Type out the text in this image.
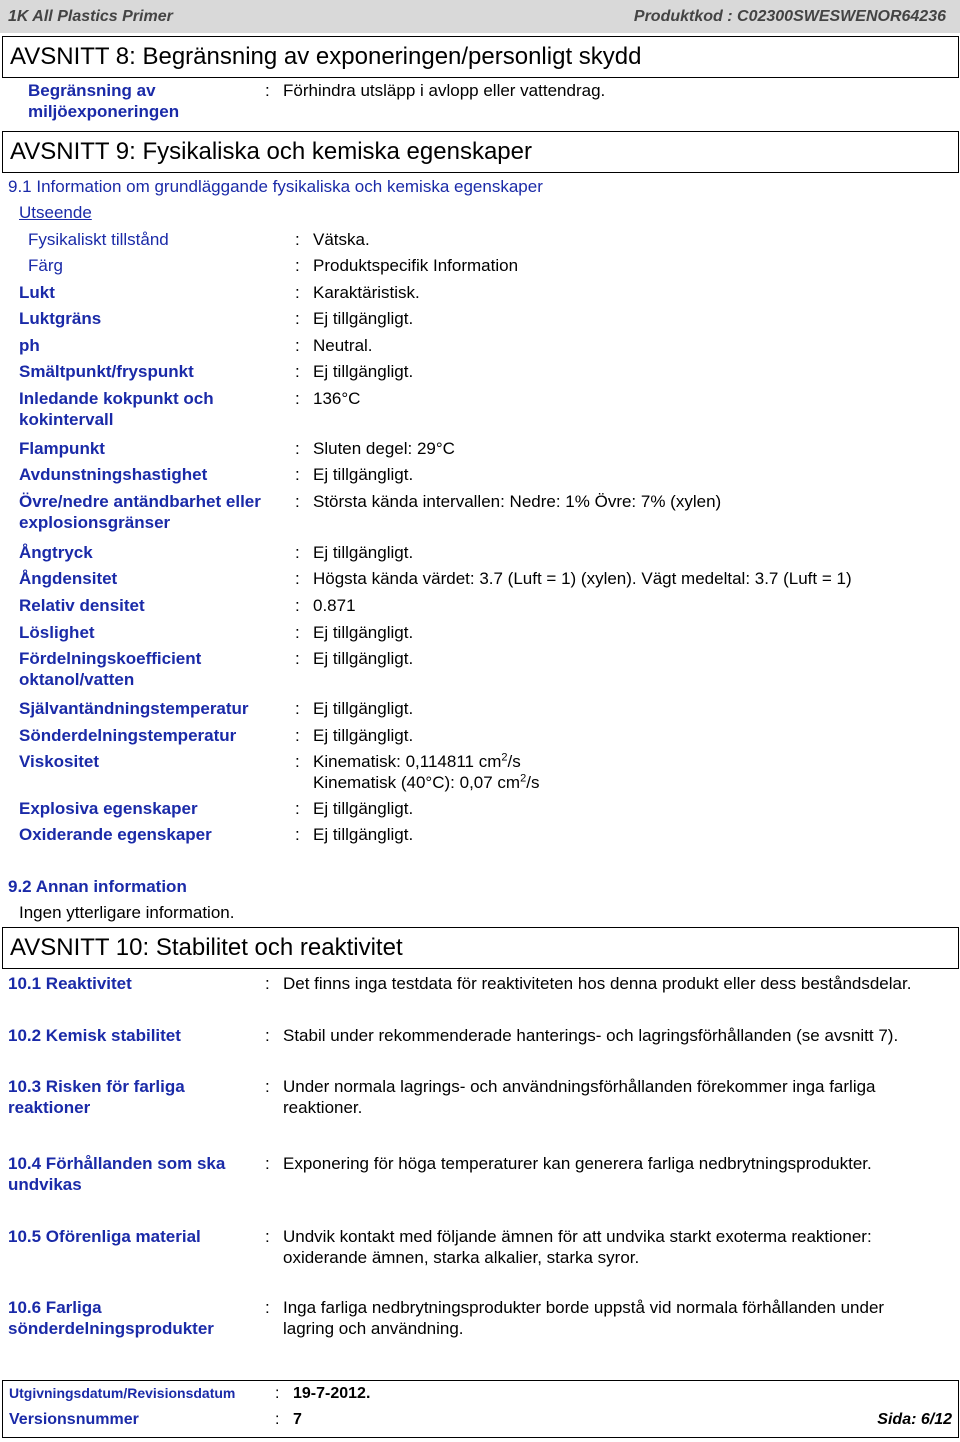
1K All Plastics Primer	Produktkod : C02300SWESWENOR64236
AVSNITT 8: Begränsning av exponeringen/personligt skydd
Begränsning av
miljöexponeringen
: Förhindra utsläpp i avlopp eller vattendrag.
AVSNITT 9: Fysikaliska och kemiska egenskaper
9.1 Information om grundläggande fysikaliska och kemiska egenskaper
Utseende
Fysikaliskt tillstånd	: Vätska.
Färg	: Produktspecifik Information
Lukt	: Karaktäristisk.
Luktgräns	: Ej tillgängligt.
ph	: Neutral.
Smältpunkt/fryspunkt	: Ej tillgängligt.
Inledande kokpunkt och
kokintervall
: 136°C
Flampunkt	: Sluten degel: 29°C
Avdunstningshastighet	: Ej tillgängligt.
Övre/nedre antändbarhet eller
explosionsgränser
: Största kända intervallen: Nedre: 1% Övre: 7% (xylen)
Ångtryck	: Ej tillgängligt.
Ångdensitet	: Högsta kända värdet: 3.7 (Luft = 1) (xylen). Vägt medeltal: 3.7 (Luft = 1)
Relativ densitet	: 0.871
Löslighet	: Ej tillgängligt.
Fördelningskoefficient
oktanol/vatten
: Ej tillgängligt.
Självantändningstemperatur	: Ej tillgängligt.
Sönderdelningstemperatur	: Ej tillgängligt.
Viskositet	: Kinematisk: 0,114811 $cm^2/s$
Kinematisk (40°C): 0,07 $cm^2/s$
Explosiva egenskaper	: Ej tillgängligt.
Oxiderande egenskaper	: Ej tillgängligt.
9.2 Annan information
Ingen ytterligare information.
AVSNITT 10: Stabilitet och reaktivitet
10.1 Reaktivitet	: Det finns inga testdata för reaktiviteten hos denna produkt eller dess beståndsdelar.
10.2 Kemisk stabilitet	: Stabil under rekommenderade hanterings- och lagringsförhållanden (se avsnitt 7).
10.3 Risken för farliga
reaktioner
: Under normala lagrings- och användningsförhållanden förekommer inga farliga
reaktioner.
10.4 Förhållanden som ska
undvikas
: Exponering för höga temperaturer kan generera farliga nedbrytningsprodukter.
10.5 Oförenliga material	: Undvik kontakt med följande ämnen för att undvika starkt exoterma reaktioner:
oxiderande ämnen, starka alkalier, starka syror.
10.6 Farliga
sönderdelningsprodukter
: Inga farliga nedbrytningsprodukter borde uppstå vid normala förhållanden under
lagring och användning.
Utgivningsdatum/Revisionsdatum : 19-7-2012.
Versionsnummer	: 7	Sida: 6/12
